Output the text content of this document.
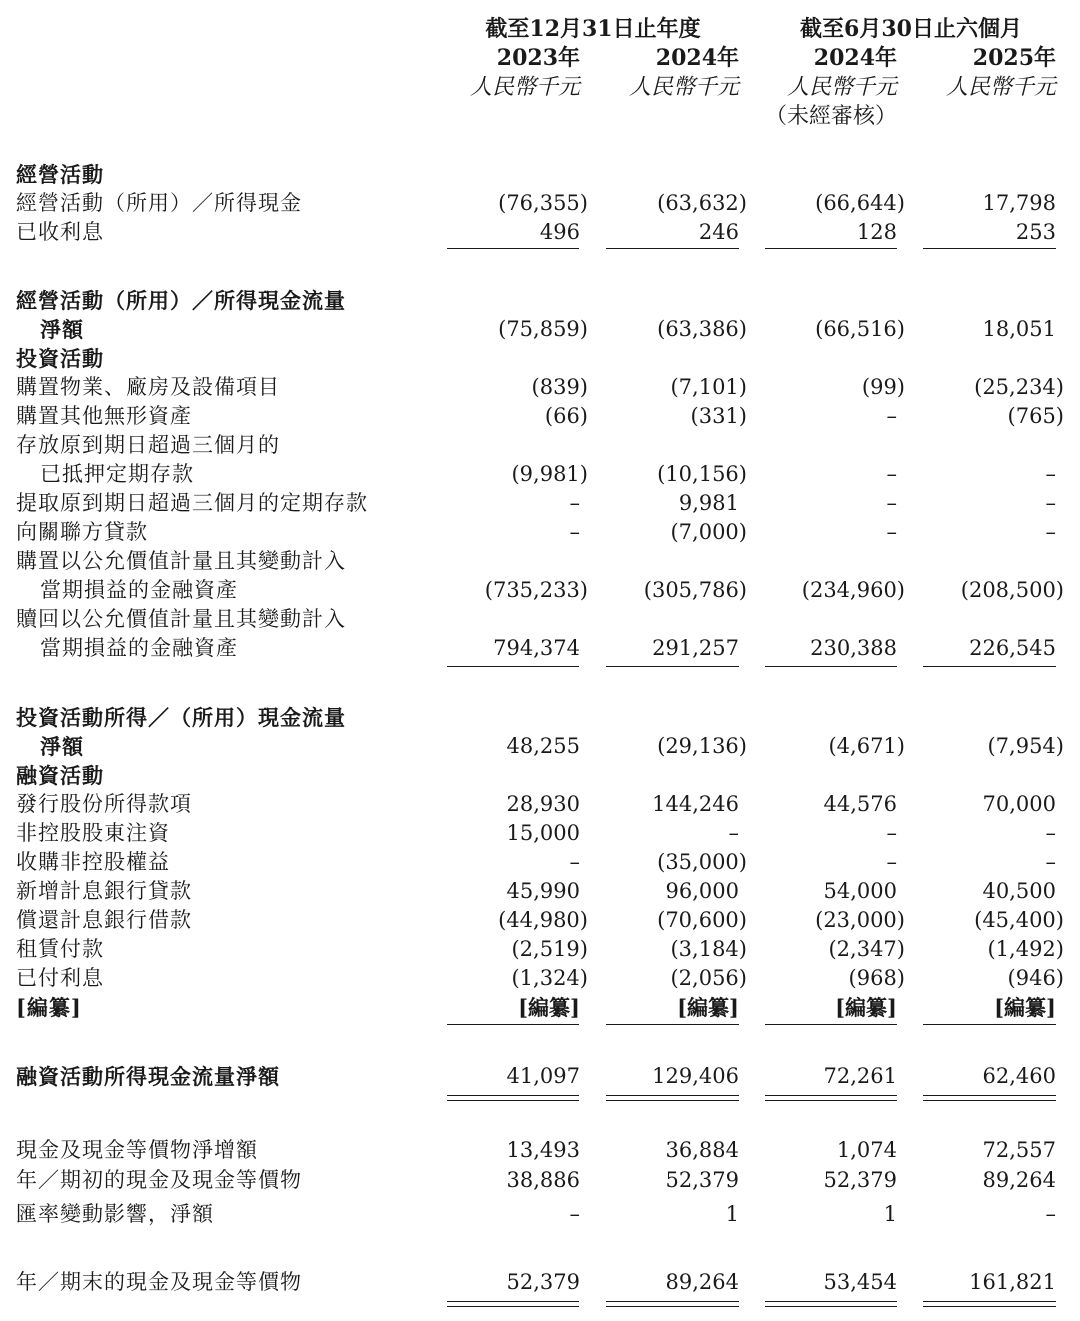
截至12月31日止年度	截至6月30日止六個月
2023年	2024年	2024年	2025年
人民幣千元 人民幣千元 人民幣千元 人民幣千元
（未經審核）
經營活動
經營活動（所用）／所得現金	(76,355)	(63,632)	(66,644)	17,798
已收利息	496	246	128	253
經營活動（所用）／所得現金流量
淨額	(75,859)	(63,386)	(66,516)	18,051
投資活動
購置物業、廠房及設備項目	(839)	(7,101)	(99)	(25,234)
購置其他無形資產	(66)	(331)	–	(765)
存放原到期日超過三個月的
已抵押定期存款	(9,981)	(10,156)	–	–
提取原到期日超過三個月的定期存款	–	9,981	–	–
向關聯方貸款	–	(7,000)	–	–
購置以公允價值計量且其變動計入
當期損益的金融資產	(735,233)	(305,786)	(234,960)	(208,500)
贖回以公允價值計量且其變動計入
當期損益的金融資產	794,374	291,257	230,388	226,545
投資活動所得／（所用）現金流量
淨額	48,255	(29,136)	(4,671)	(7,954)
融資活動
發行股份所得款項	28,930	144,246	44,576	70,000
非控股股東注資	15,000	–	–	–
收購非控股權益	–	(35,000)	–	–
新增計息銀行貸款	45,990	96,000	54,000	40,500
償還計息銀行借款	(44,980)	(70,600)	(23,000)	(45,400)
租賃付款	(2,519)	(3,184)	(2,347)	(1,492)
已付利息	(1,324)	(2,056)	(968)	(946)
[編纂]	[編纂]	[編纂]	[編纂]	[編纂]
融資活動所得現金流量淨額	41,097	129,406	72,261	62,460
現金及現金等價物淨增額	13,493	36,884	1,074	72,557
年／期初的現金及現金等價物	38,886	52,379	52,379	89,264
匯率變動影響，淨額	–	1	1	–
年／期末的現金及現金等價物	52,379	89,264	53,454	161,821
